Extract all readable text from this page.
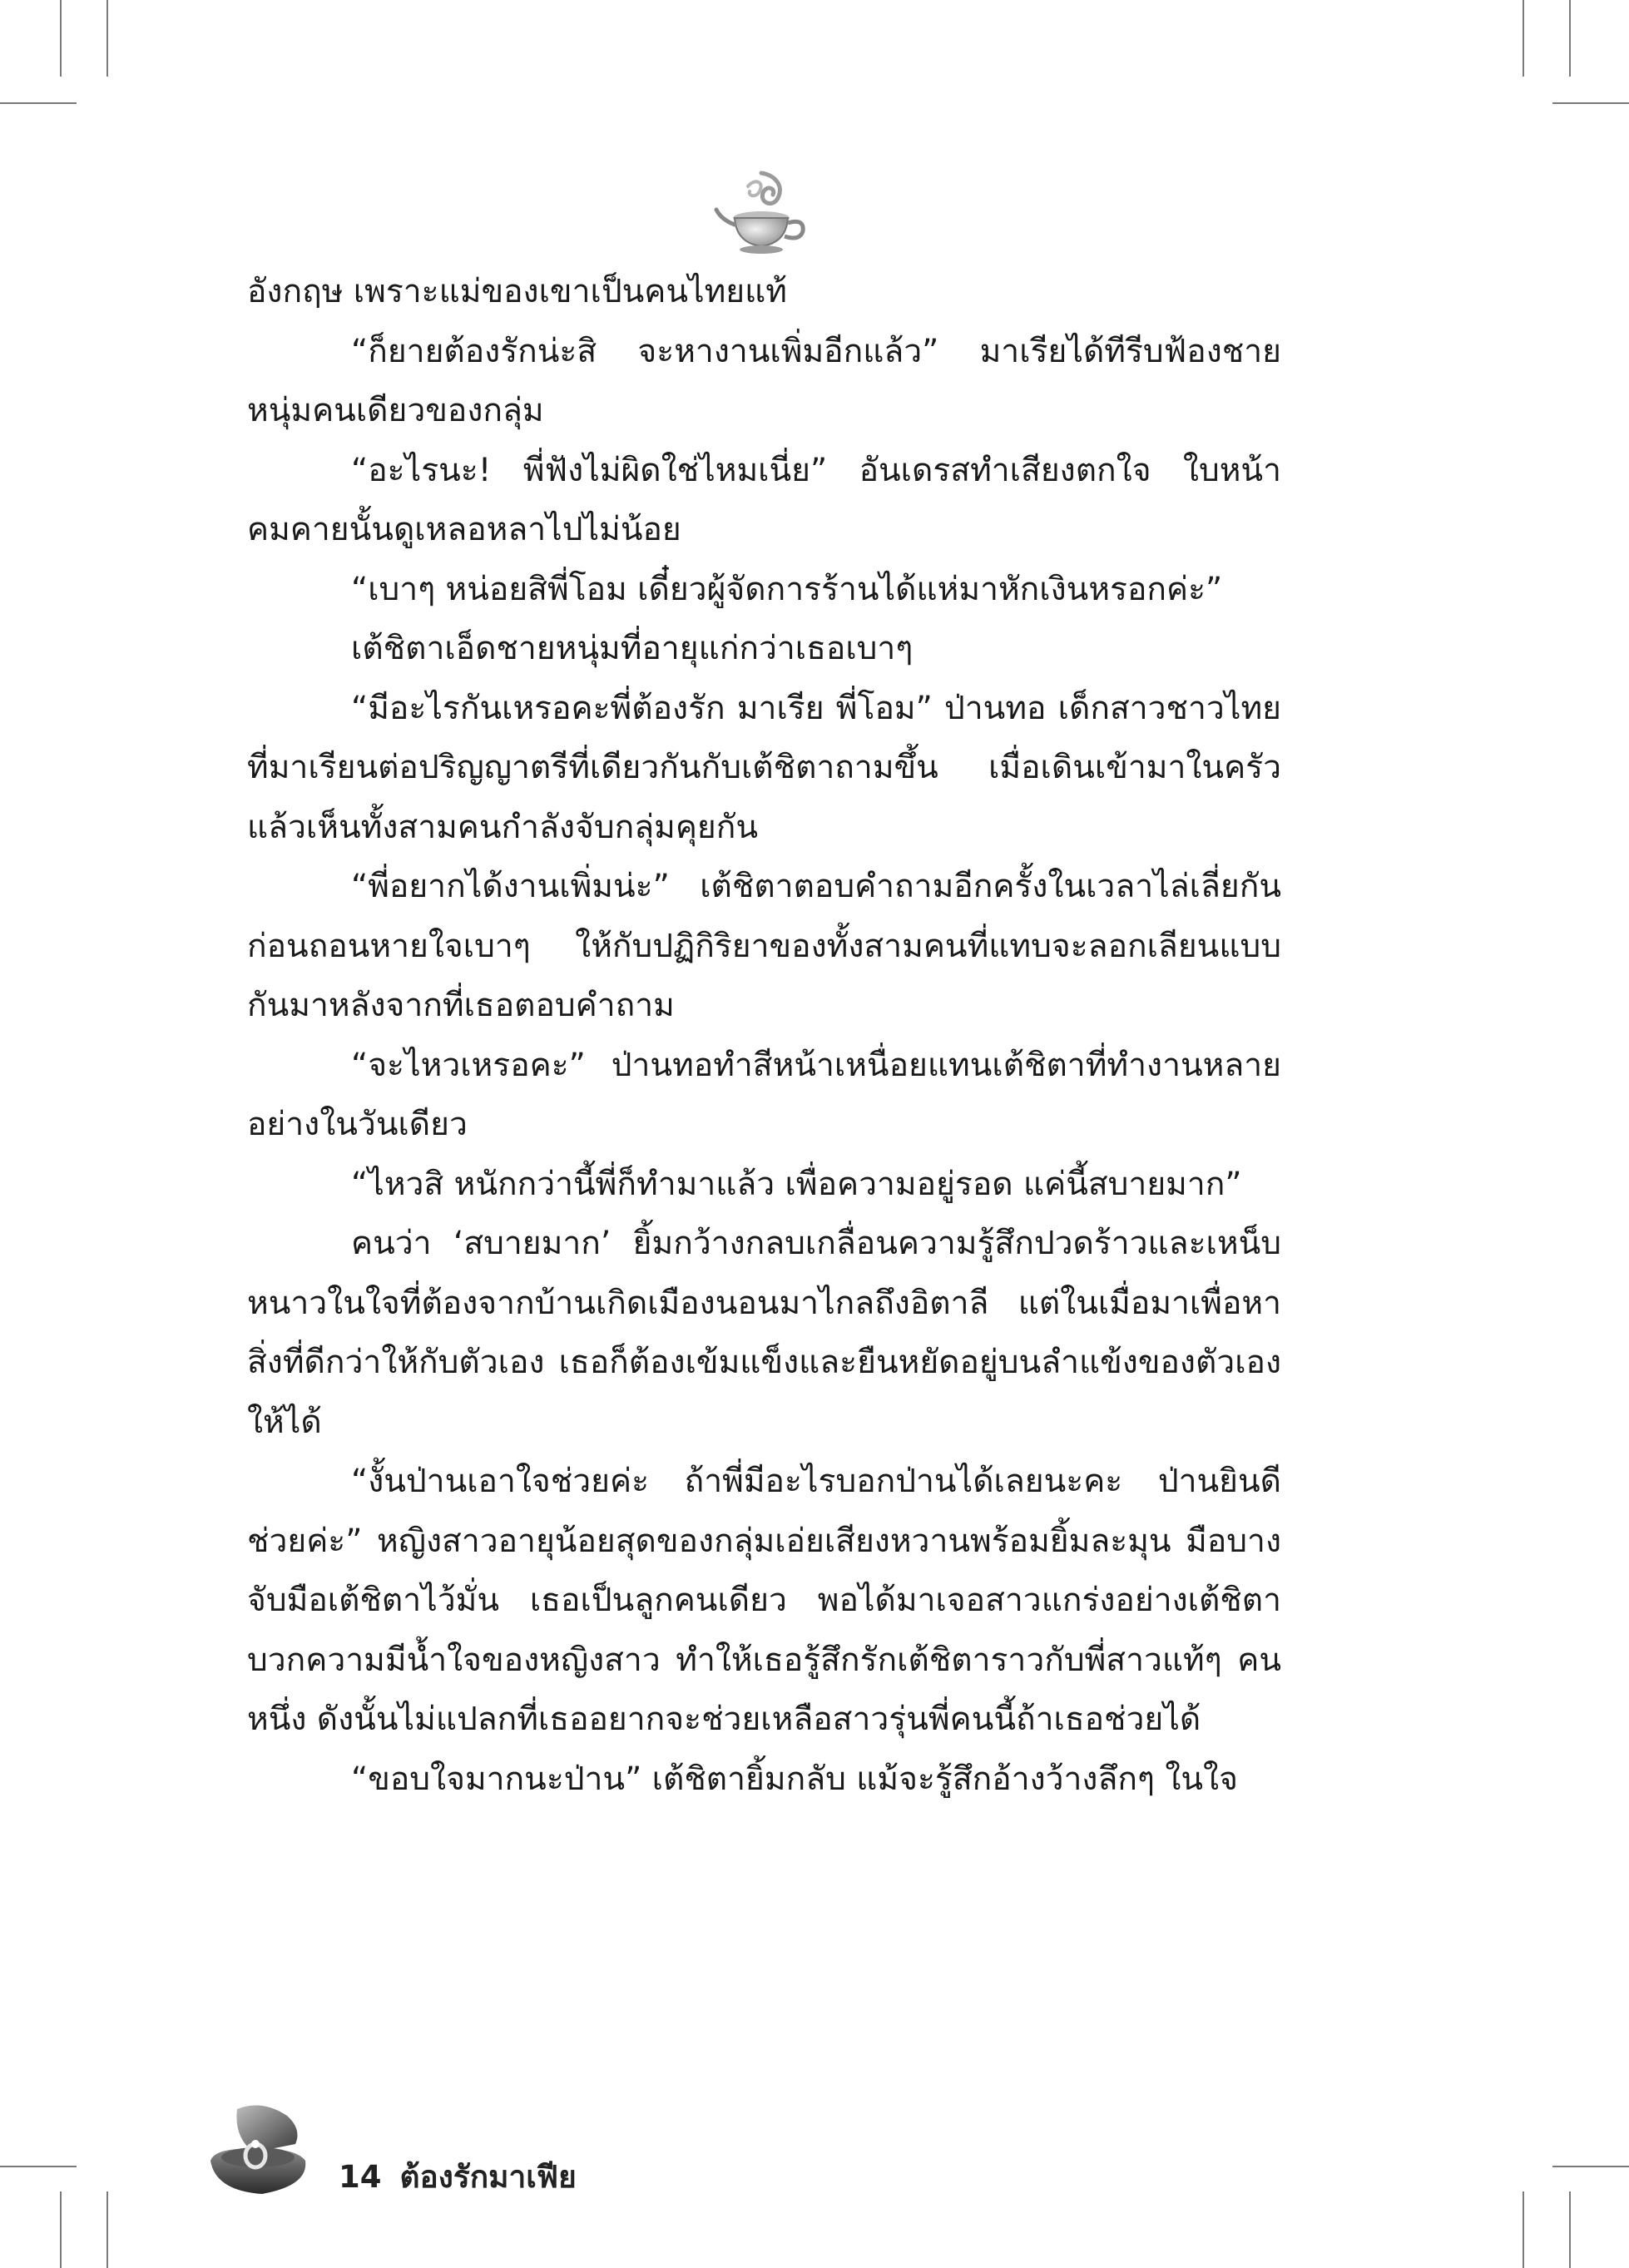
อังกฤษ เพราะแม่ของเขาเป็นคนไทยแท้

“ก็ยายต้องรักน่ะสิ จะหางานเพิ่มอีกแล้ว” มาเรียได้ทีรีบฟ้องชายหนุ่มคนเดียวของกลุ่ม

“อะไรนะ! พี่ฟังไม่ผิดใช่ไหมเนี่ย” อันเดรสทำเสียงตกใจ ใบหน้าคมคายนั้นดูเหลอหลาไปไม่น้อย

“เบาๆ หน่อยสิพี่โอม เดี๋ยวผู้จัดการร้านได้แห่มาหักเงินหรอกค่ะ”

เต้ชิตาเอ็ดชายหนุ่มที่อายุแก่กว่าเธอเบาๆ

“มีอะไรกันเหรอคะพี่ต้องรัก มาเรีย พี่โอม” ป่านทอ เด็กสาวชาวไทยที่มาเรียนต่อปริญญาตรีที่เดียวกันกับเต้ชิตาถามขึ้น เมื่อเดินเข้ามาในครัวแล้วเห็นทั้งสามคนกำลังจับกลุ่มคุยกัน

“พี่อยากได้งานเพิ่มน่ะ” เต้ชิตาตอบคำถามอีกครั้งในเวลาไล่เลี่ยกันก่อนถอนหายใจเบาๆ ให้กับปฏิกิริยาของทั้งสามคนที่แทบจะลอกเลียนแบบกันมาหลังจากที่เธอตอบคำถาม

“จะไหวเหรอคะ” ป่านทอทำสีหน้าเหนื่อยแทนเต้ชิตาที่ทำงานหลายอย่างในวันเดียว

“ไหวสิ หนักกว่านี้พี่ก็ทำมาแล้ว เพื่อความอยู่รอด แค่นี้สบายมาก”

คนว่า ‘สบายมาก’ ยิ้มกว้างกลบเกลื่อนความรู้สึกปวดร้าวและเหน็บหนาวในใจที่ต้องจากบ้านเกิดเมืองนอนมาไกลถึงอิตาลี แต่ในเมื่อมาเพื่อหาสิ่งที่ดีกว่าให้กับตัวเอง เธอก็ต้องเข้มแข็งและยืนหยัดอยู่บนลำแข้งของตัวเองให้ได้

“งั้นป่านเอาใจช่วยค่ะ ถ้าพี่มีอะไรบอกป่านได้เลยนะคะ ป่านยินดีช่วยค่ะ” หญิงสาวอายุน้อยสุดของกลุ่มเอ่ยเสียงหวานพร้อมยิ้มละมุน มือบางจับมือเต้ชิตาไว้มั่น เธอเป็นลูกคนเดียว พอได้มาเจอสาวแกร่งอย่างเต้ชิตา บวกความมีน้ำใจของหญิงสาว ทำให้เธอรู้สึกรักเต้ชิตาราวกับพี่สาวแท้ๆ คนหนึ่ง ดังนั้นไม่แปลกที่เธออยากจะช่วยเหลือสาวรุ่นพี่คนนี้ถ้าเธอช่วยได้

“ขอบใจมากนะป่าน” เต้ชิตายิ้มกลับ แม้จะรู้สึกอ้างว้างลึกๆ ในใจ

14 ต้องรักมาเฟีย
